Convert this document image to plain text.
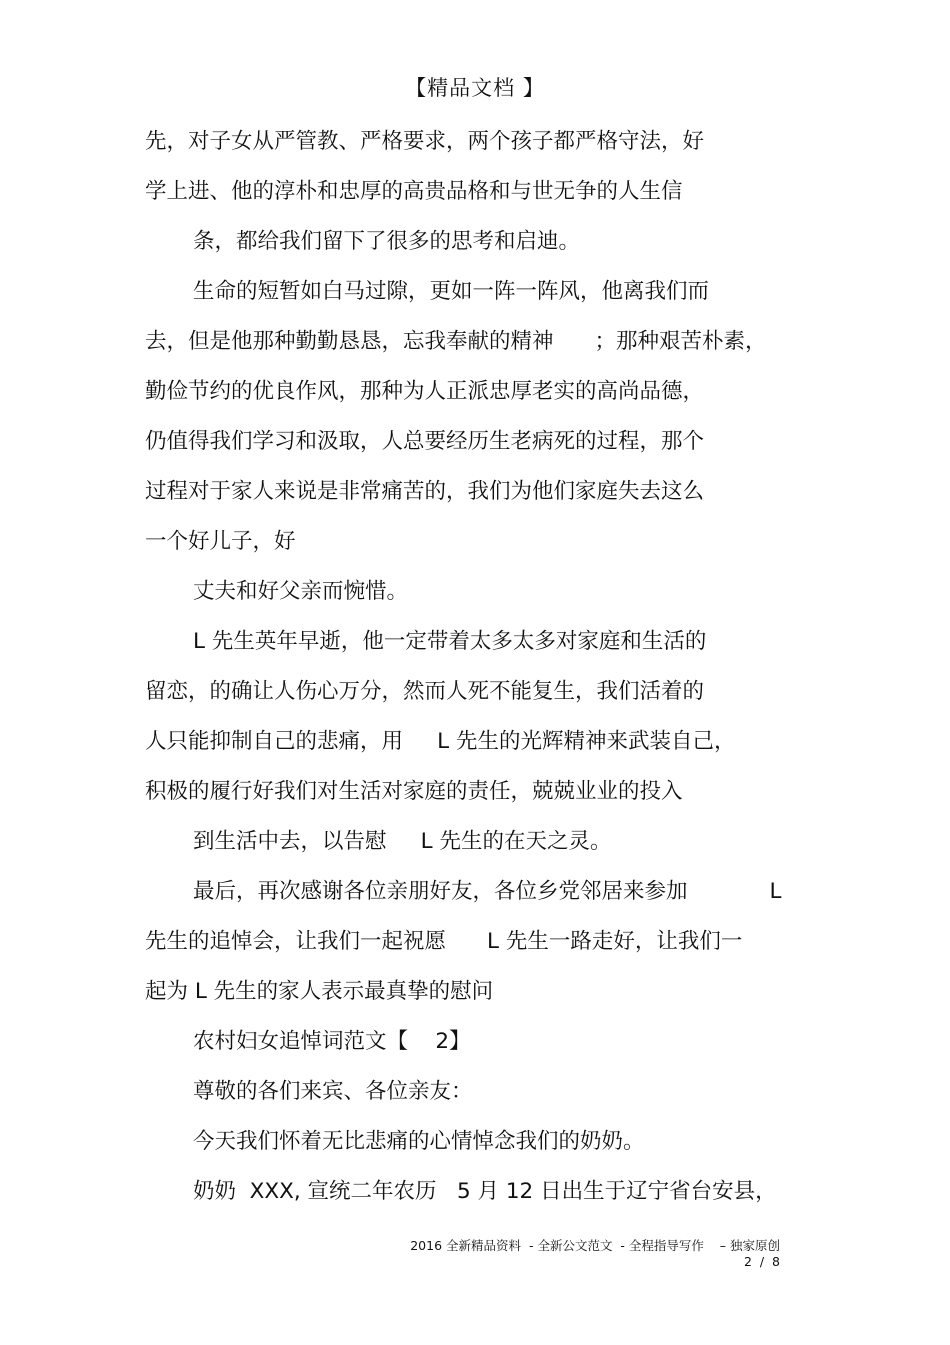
【精品文档 】
先，对子女从严管教、严格要求，两个孩子都严格守法，好
学上进、他的淳朴和忠厚的高贵品格和与世无争的人生信
条，都给我们留下了很多的思考和启迪。
生命的短暂如白马过隙，更如一阵一阵风，他离我们而
去，但是他那种勤勤恳恳，忘我奉献的精神      ；那种艰苦朴素，
勤俭节约的优良作风，那种为人正派忠厚老实的高尚品德，
仍值得我们学习和汲取，人总要经历生老病死的过程，那个
过程对于家人来说是非常痛苦的，我们为他们家庭失去这么
一个好儿子，好
丈夫和好父亲而惋惜。
L 先生英年早逝，他一定带着太多太多对家庭和生活的
留恋，的确让人伤心万分，然而人死不能复生，我们活着的
人只能抑制自己的悲痛，用     L 先生的光辉精神来武装自己，
积极的履行好我们对生活对家庭的责任，兢兢业业的投入
到生活中去，以告慰     L 先生的在天之灵。
最后，再次感谢各位亲朋好友，各位乡党邻居来参加            L
先生的追悼会，让我们一起祝愿      L 先生一路走好，让我们一
起为 L 先生的家人表示最真挚的慰问
农村妇女追悼词范文【    2】
尊敬的各们来宾、各位亲友：
今天我们怀着无比悲痛的心情悼念我们的奶奶。
奶奶  XXX, 宣统二年农历   5 月 12 日出生于辽宁省台安县，
2016 全新精品资料  - 全新公文范文  - 全程指导写作    – 独家原创
2  /  8
